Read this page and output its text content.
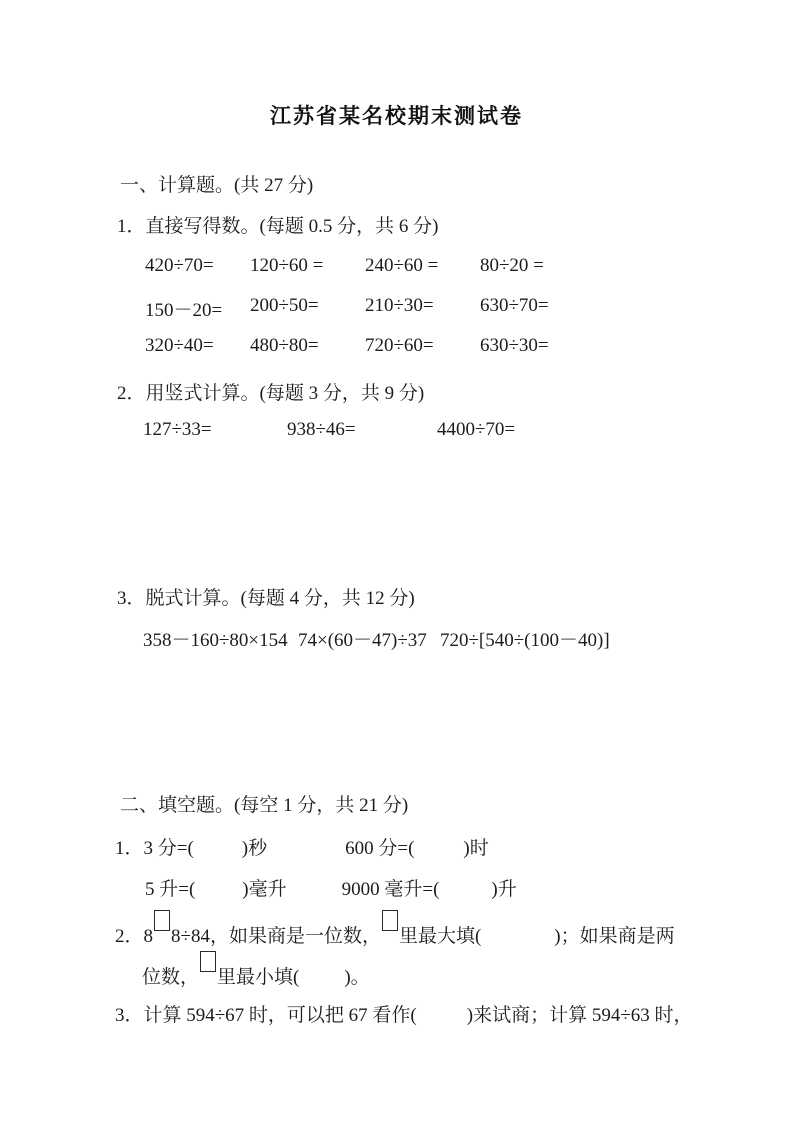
江苏省某名校期末测试卷
一、计算题。(共 27 分)
1．直接写得数。(每题 0.5 分，共 6 分)
420÷70= 120÷60 = 240÷60 = 80÷20 =
150－20= 200÷50= 210÷30= 630÷70=
320÷40= 480÷80= 720÷60= 630÷30=
2．用竖式计算。(每题 3 分，共 9 分)
127÷33=	938÷46=	4400÷70=
3．脱式计算。(每题 4 分，共 12 分)
358－160÷80×154 74×(60－47)÷37 720÷[540÷(100－40)]
二、填空题。(每空 1 分，共 21 分)
1．3 分=(	)秒	600 分=(	)时
5 升=( )毫升	9000 毫升=(	)升
2．8 8÷84，如果商是一位数， 里最大填(	)；如果商是两
位数， 里最小填( )。
3．计算 594÷67 时，可以把 67 看作(	)来试商；计算 594÷63 时，
